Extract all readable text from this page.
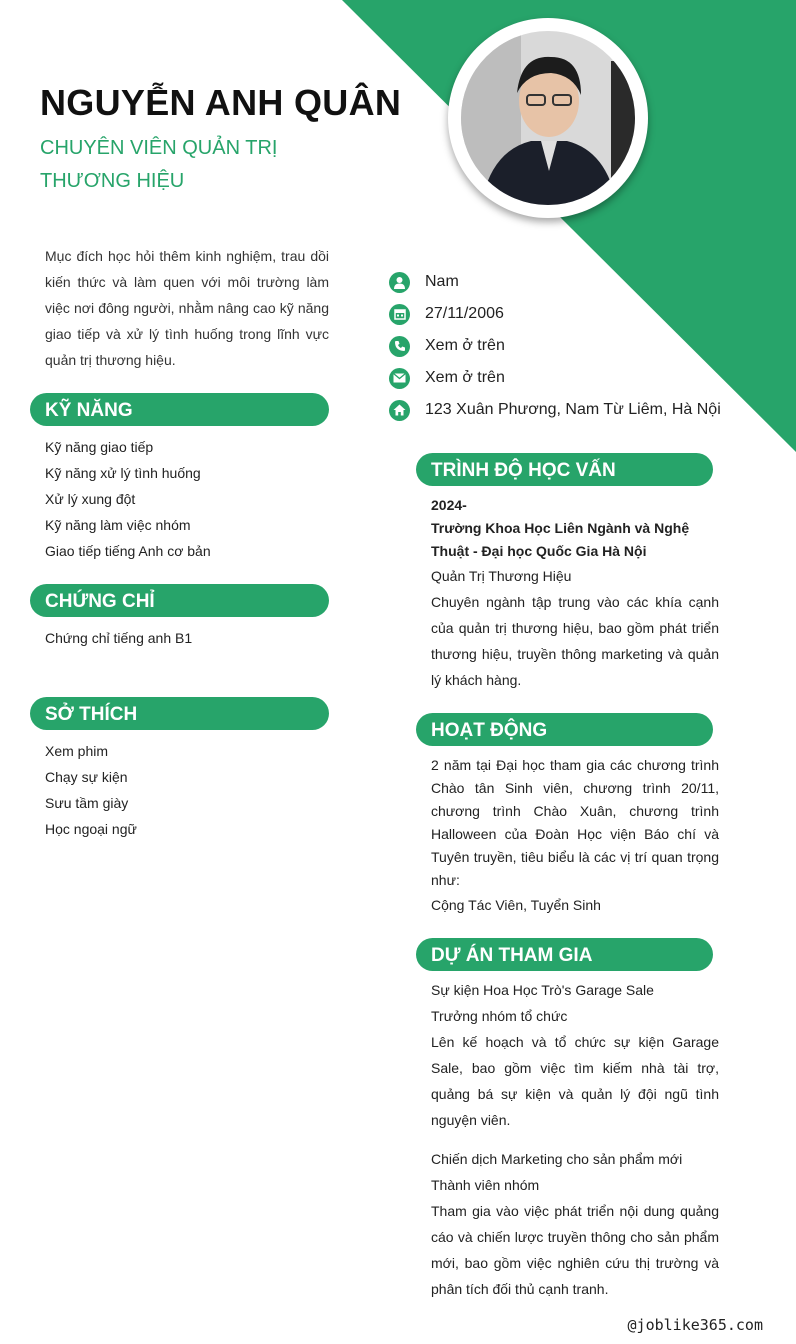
NGUYỄN ANH QUÂN
CHUYÊN VIÊN QUẢN TRỊ THƯƠNG HIỆU
Mục đích học hỏi thêm kinh nghiệm, trau dồi kiến thức và làm quen với môi trường làm việc nơi đông người, nhằm nâng cao kỹ năng giao tiếp và xử lý tình huống trong lĩnh vực quản trị thương hiệu.
Nam
27/11/2006
Xem ở trên
Xem ở trên
123 Xuân Phương, Nam Từ Liêm, Hà Nội
KỸ NĂNG
Kỹ năng giao tiếp
Kỹ năng xử lý tình huống
Xử lý xung đột
Kỹ năng làm việc nhóm
Giao tiếp tiếng Anh cơ bản
CHỨNG CHỈ
Chứng chỉ tiếng anh B1
SỞ THÍCH
Xem phim
Chạy sự kiện
Sưu tầm giày
Học ngoại ngữ
TRÌNH ĐỘ HỌC VẤN
2024-
Trường Khoa Học Liên Ngành và Nghệ Thuật - Đại học Quốc Gia Hà Nội
Quản Trị Thương Hiệu
Chuyên ngành tập trung vào các khía cạnh của quản trị thương hiệu, bao gồm phát triển thương hiệu, truyền thông marketing và quản lý khách hàng.
HOẠT ĐỘNG
2 năm tại Đại học tham gia các chương trình Chào tân Sinh viên, chương trình 20/11, chương trình Chào Xuân, chương trình Halloween của Đoàn Học viện Báo chí và Tuyên truyền, tiêu biểu là các vị trí quan trọng như:
Cộng Tác Viên, Tuyển Sinh
DỰ ÁN THAM GIA
Sự kiện Hoa Học Trò's Garage Sale
Trưởng nhóm tổ chức
Lên kế hoạch và tổ chức sự kiện Garage Sale, bao gồm việc tìm kiếm nhà tài trợ, quảng bá sự kiện và quản lý đội ngũ tình nguyện viên.
Chiến dịch Marketing cho sản phẩm mới
Thành viên nhóm
Tham gia vào việc phát triển nội dung quảng cáo và chiến lược truyền thông cho sản phẩm mới, bao gồm việc nghiên cứu thị trường và phân tích đối thủ cạnh tranh.
@joblike365.com
